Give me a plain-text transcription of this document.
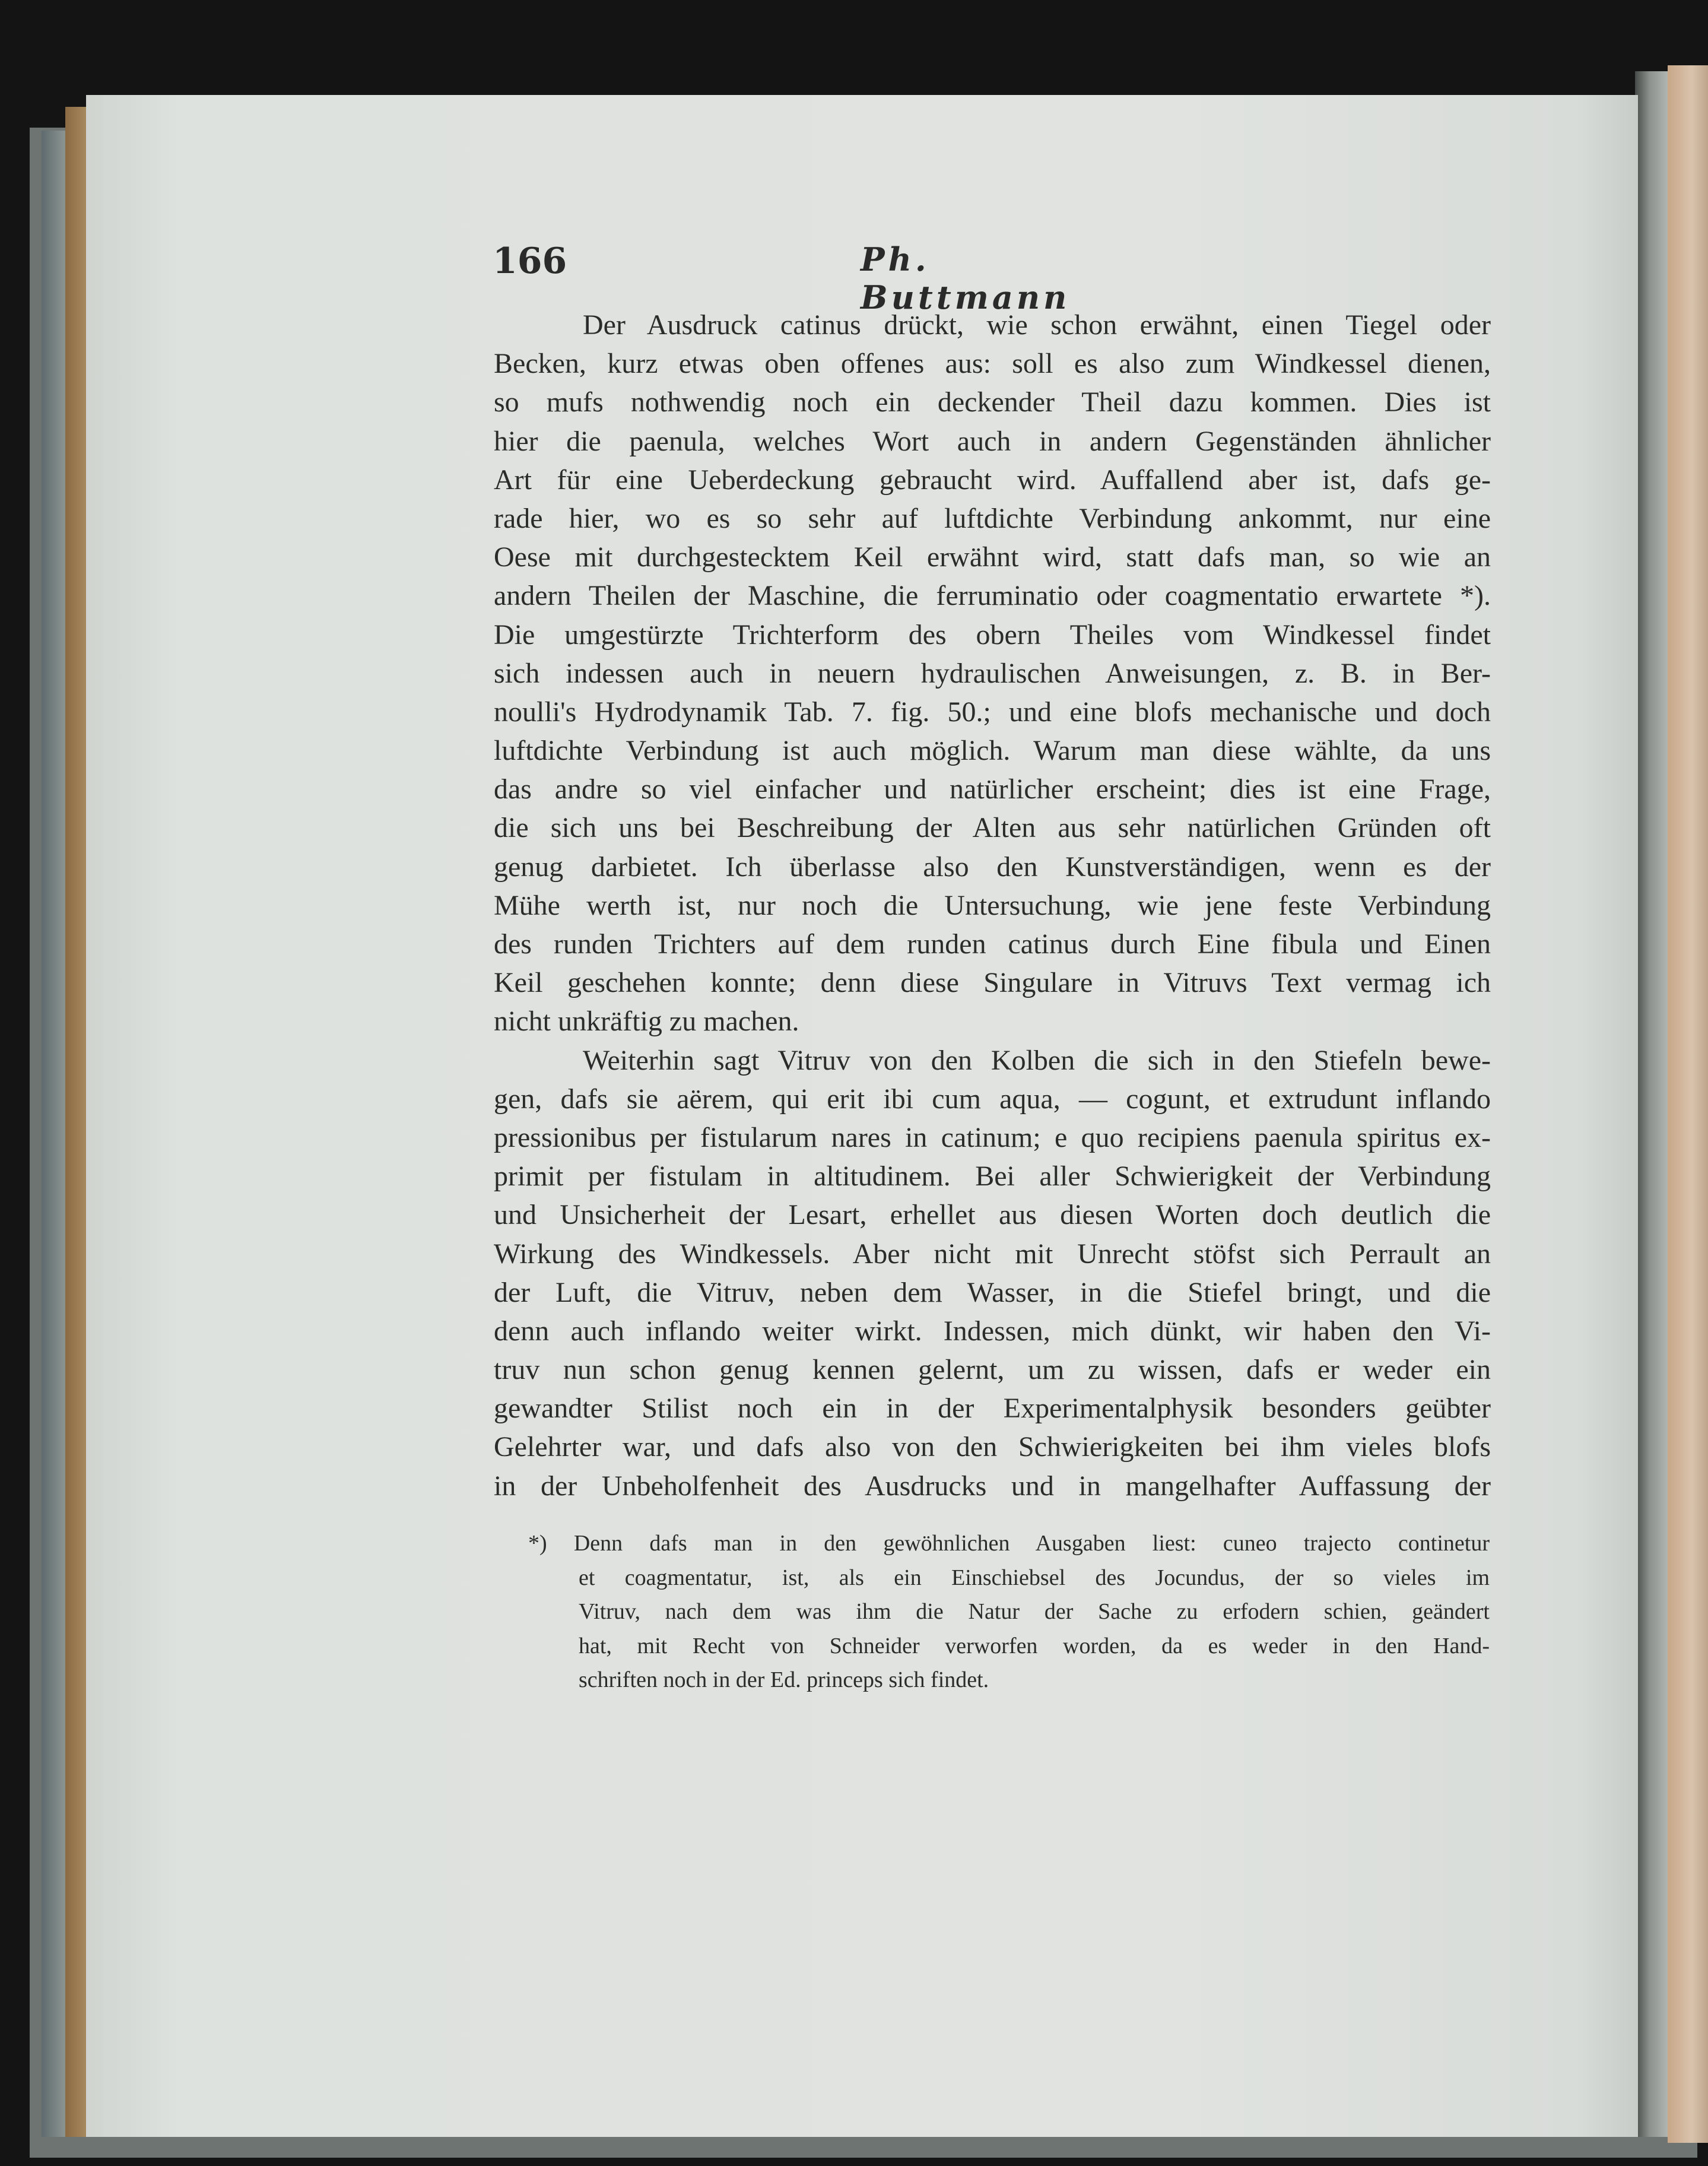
166	Ph. Buttmann
Der Ausdruck catinus drückt, wie schon erwähnt, einen Tiegel oder
Becken, kurz etwas oben offenes aus: soll es also zum Windkessel dienen,
so mufs nothwendig noch ein deckender Theil dazu kommen. Dies ist
hier die paenula, welches Wort auch in andern Gegenständen ähnlicher
Art für eine Ueberdeckung gebraucht wird. Auffallend aber ist, dafs ge-
rade hier, wo es so sehr auf luftdichte Verbindung ankommt, nur eine
Oese mit durchgestecktem Keil erwähnt wird, statt dafs man, so wie an
andern Theilen der Maschine, die ferruminatio oder coagmentatio erwartete *).
Die umgestürzte Trichterform des obern Theiles vom Windkessel findet
sich indessen auch in neuern hydraulischen Anweisungen, z. B. in Ber-
noulli's Hydrodynamik Tab. 7. fig. 50.; und eine blofs mechanische und doch
luftdichte Verbindung ist auch möglich. Warum man diese wählte, da uns
das andre so viel einfacher und natürlicher erscheint; dies ist eine Frage,
die sich uns bei Beschreibung der Alten aus sehr natürlichen Gründen oft
genug darbietet. Ich überlasse also den Kunstverständigen, wenn es der
Mühe werth ist, nur noch die Untersuchung, wie jene feste Verbindung
des runden Trichters auf dem runden catinus durch Eine fibula und Einen
Keil geschehen konnte; denn diese Singulare in Vitruvs Text vermag ich
nicht unkräftig zu machen.
Weiterhin sagt Vitruv von den Kolben die sich in den Stiefeln bewe-
gen, dafs sie aërem, qui erit ibi cum aqua, — cogunt, et extrudunt inflando
pressionibus per fistularum nares in catinum; e quo recipiens paenula spiritus ex-
primit per fistulam in altitudinem. Bei aller Schwierigkeit der Verbindung
und Unsicherheit der Lesart, erhellet aus diesen Worten doch deutlich die
Wirkung des Windkessels. Aber nicht mit Unrecht stöfst sich Perrault an
der Luft, die Vitruv, neben dem Wasser, in die Stiefel bringt, und die
denn auch inflando weiter wirkt. Indessen, mich dünkt, wir haben den Vi-
truv nun schon genug kennen gelernt, um zu wissen, dafs er weder ein
gewandter Stilist noch ein in der Experimentalphysik besonders geübter
Gelehrter war, und dafs also von den Schwierigkeiten bei ihm vieles blofs
in der Unbeholfenheit des Ausdrucks und in mangelhafter Auffassung der
*) Denn dafs man in den gewöhnlichen Ausgaben liest: cuneo trajecto continetur
et coagmentatur, ist, als ein Einschiebsel des Jocundus, der so vieles im
Vitruv, nach dem was ihm die Natur der Sache zu erfodern schien, geändert
hat, mit Recht von Schneider verworfen worden, da es weder in den Hand-
schriften noch in der Ed. princeps sich findet.
